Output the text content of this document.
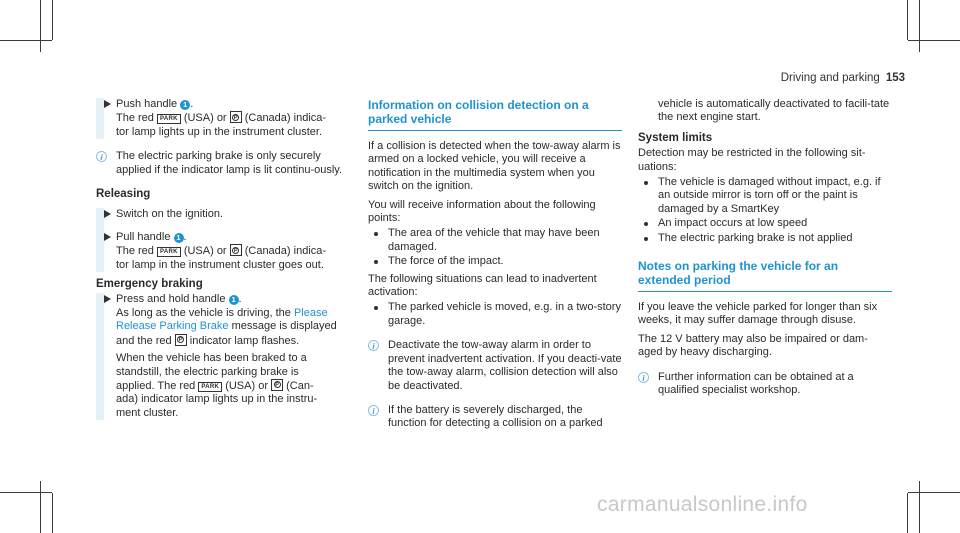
Driving and parking 153

Push handle 1 .

The red PARK (USA) or P (Canada) indica-

tor lamp lights up in the instrument cluster.

i	The electric parking brake is only securely applied if the indicator lamp is lit continu-ously.

Releasing

Switch on the ignition.

Pull handle 1 .

The red PARK (USA) or P (Canada) indica-

tor lamp in the instrument cluster goes out.

Emergency braking

Press and hold handle 1 .

As long as the vehicle is driving, the Please Release Parking Brake message is displayed

and the red P indicator lamp flashes.

When the vehicle has been braked to a

standstill, the electric parking brake is

applied. The red PARK (USA) or P (Can-

ada) indicator lamp lights up in the instru-

ment cluster.

Information on collision detection on a parked vehicle

If a collision is detected when the tow-away alarm is armed on a locked vehicle, you will receive a notification in the multimedia system when you switch on the ignition.

You will receive information about the following points:

The area of the vehicle that may have been damaged.
The force of the impact.

The following situations can lead to inadvertent activation:

The parked vehicle is moved, e.g. in a two-story garage.
i	Deactivate the tow-away alarm in order to prevent inadvertent activation. If you deacti-vate the tow-away alarm, collision detection will also be deactivated.

i	If the battery is severely discharged, the function for detecting a collision on a parked

vehicle is automatically deactivated to facili-tate the next engine start.

System limits

Detection may be restricted in the following sit-uations:

The vehicle is damaged without impact, e.g. if an outside mirror is torn off or the paint is damaged by a SmartKey
An impact occurs at low speed
The electric parking brake is not applied
Notes on parking the vehicle for an extended period

If you leave the vehicle parked for longer than six weeks, it may suffer damage through disuse.

The 12 V battery may also be impaired or dam-aged by heavy discharging.

i	Further information can be obtained at a qualified specialist workshop.

carmanualsonline.info
